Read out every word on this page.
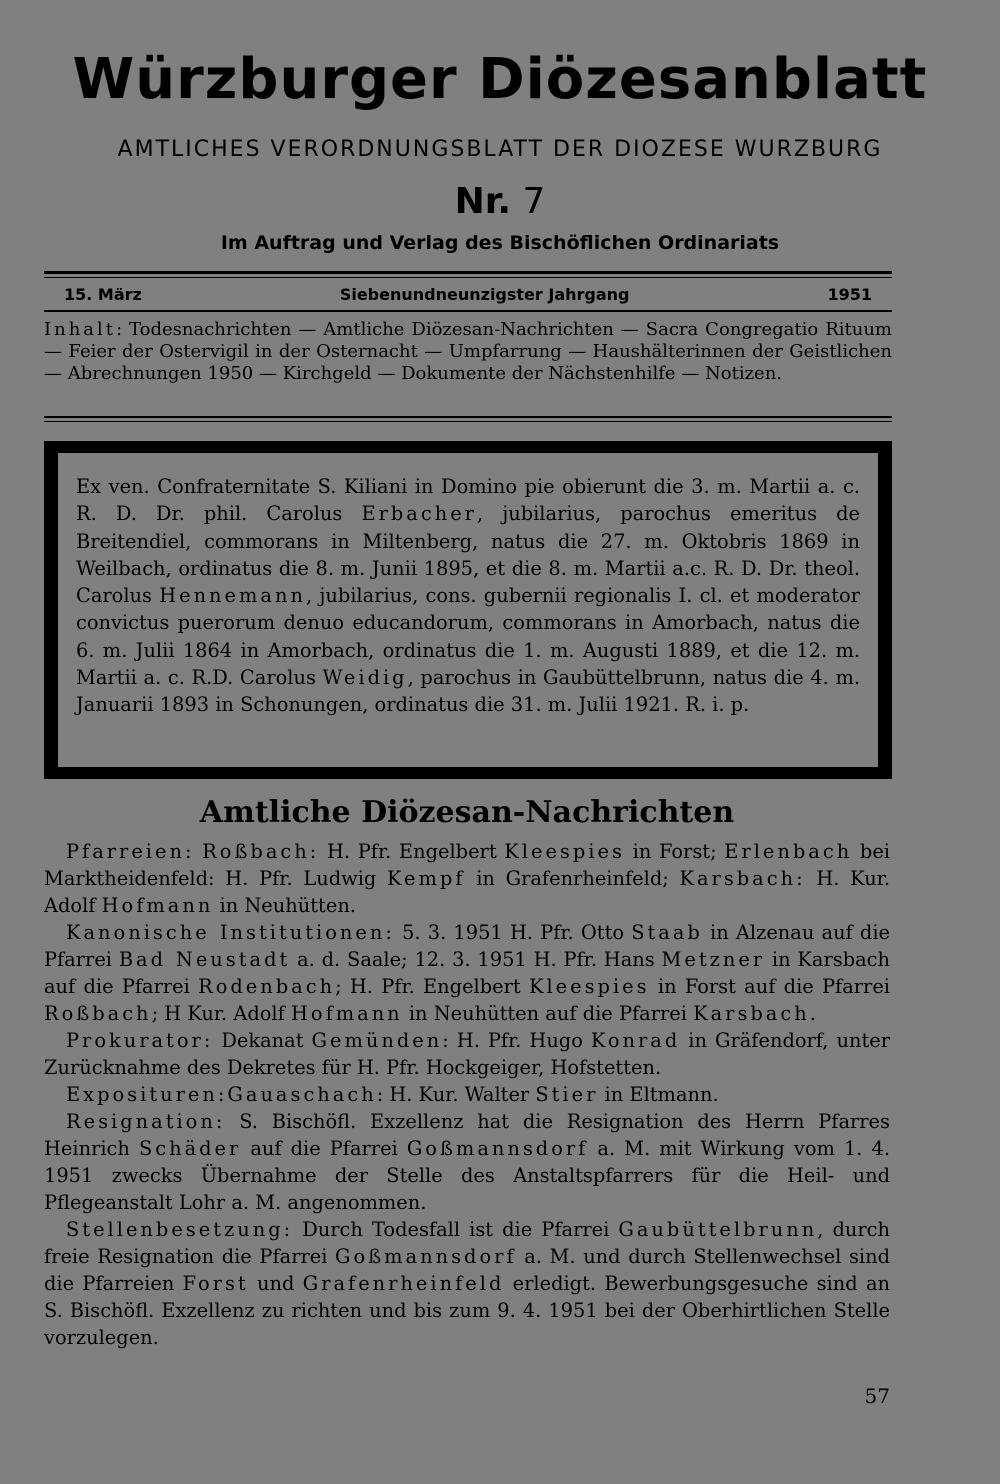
Würzburger Diözesanblatt
AMTLICHES VERORDNUNGSBLATT DER DIOZESE WURZBURG
Nr. 7
Im Auftrag und Verlag des Bischöflichen Ordinariats
15. März	Siebenundneunzigster Jahrgang	1951
Inhalt: Todesnachrichten — Amtliche Diözesan-Nachrichten — Sacra Congregatio Rituum — Feier der Ostervigil in der Osternacht — Umpfarrung — Haushälterinnen der Geistlichen — Abrechnungen 1950 — Kirchgeld — Dokumente der Nächstenhilfe — Notizen.
Ex ven. Confraternitate S. Kiliani in Domino pie obierunt die 3. m. Martii a. c. R. D. Dr. phil. Carolus Erbacher, jubilarius, parochus emeritus de Breitendiel, commorans in Miltenberg, natus die 27. m. Oktobris 1869 in Weilbach, ordinatus die 8. m. Junii 1895, et die 8. m. Martii a.c. R. D. Dr. theol. Carolus Hennemann, jubilarius, cons. gubernii regionalis I. cl. et moderator convictus puerorum denuo educandorum, commorans in Amorbach, natus die 6. m. Julii 1864 in Amorbach, ordinatus die 1. m. Augusti 1889, et die 12. m. Martii a. c. R.D. Carolus Weidig, parochus in Gaubüttelbrunn, natus die 4. m. Januarii 1893 in Schonungen, ordinatus die 31. m. Julii 1921. R. i. p.
Amtliche Diözesan-Nachrichten

Pfarreien: Roßbach: H. Pfr. Engelbert Kleespies in Forst; Erlenbach bei Marktheidenfeld: H. Pfr. Ludwig Kempf in Grafenrheinfeld; Karsbach: H. Kur. Adolf Hofmann in Neuhütten.

Kanonische Institutionen: 5. 3. 1951 H. Pfr. Otto Staab in Alzenau auf die Pfarrei Bad Neustadt a. d. Saale; 12. 3. 1951 H. Pfr. Hans Metzner in Karsbach auf die Pfarrei Rodenbach; H. Pfr. Engelbert Kleespies in Forst auf die Pfarrei Roßbach; H Kur. Adolf Hofmann in Neuhütten auf die Pfarrei Karsbach.

Prokurator: Dekanat Gemünden: H. Pfr. Hugo Konrad in Gräfendorf, unter Zurücknahme des Dekretes für H. Pfr. Hockgeiger, Hofstetten.

Exposituren:Gauaschach: H. Kur. Walter Stier in Eltmann.

Resignation: S. Bischöfl. Exzellenz hat die Resignation des Herrn Pfarres Heinrich Schäder auf die Pfarrei Goßmannsdorf a. M. mit Wirkung vom 1. 4. 1951 zwecks Übernahme der Stelle des Anstaltspfarrers für die Heil- und Pflegeanstalt Lohr a. M. angenommen.

Stellenbesetzung: Durch Todesfall ist die Pfarrei Gaubüttelbrunn, durch freie Resignation die Pfarrei Goßmannsdorf a. M. und durch Stellenwechsel sind die Pfarreien Forst und Grafenrheinfeld erledigt. Bewerbungsgesuche sind an S. Bischöfl. Exzellenz zu richten und bis zum 9. 4. 1951 bei der Oberhirtlichen Stelle vorzulegen.

57
